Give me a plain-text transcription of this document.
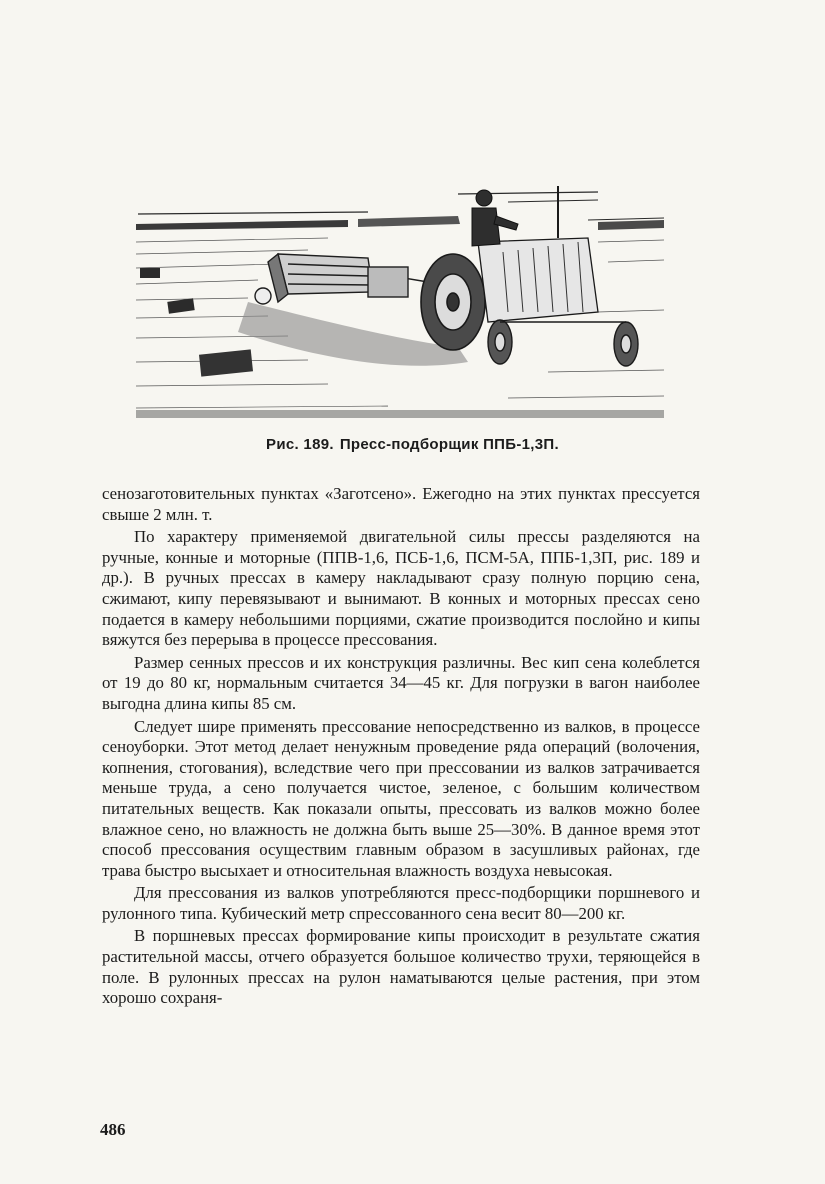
Рис. 189. Пресс-подборщик ППБ-1,3П.

сенозаготовительных пунктах «Заготсено». Ежегодно на этих пунктах прессуется свыше 2 млн. т.

По характеру применяемой двигательной силы прессы разделяются на ручные, конные и моторные (ППВ-1,6, ПСБ-1,6, ПСМ-5А, ППБ-1,3П, рис. 189 и др.). В ручных прессах в камеру накладывают сразу полную порцию сена, сжимают, кипу перевязывают и вынимают. В конных и моторных прессах сено подается в камеру небольшими порциями, сжатие производится послойно и кипы вяжутся без перерыва в процессе прессования.

Размер сенных прессов и их конструкция различны. Вес кип сена колеблется от 19 до 80 кг, нормальным считается 34—45 кг. Для погрузки в вагон наиболее выгодна длина кипы 85 см.

Следует шире применять прессование непосредственно из валков, в процессе сеноуборки. Этот метод делает ненужным проведение ряда операций (волочения, копнения, стогования), вследствие чего при прессовании из валков затрачивается меньше труда, а сено получается чистое, зеленое, с большим количеством питательных веществ. Как показали опыты, прессовать из валков можно более влажное сено, но влажность не должна быть выше 25—30%. В данное время этот способ прессования осуществим главным образом в засушливых районах, где трава быстро высыхает и относительная влажность воздуха невысокая.

Для прессования из валков употребляются пресс-подборщики поршневого и рулонного типа. Кубический метр спрессованного сена весит 80—200 кг.

В поршневых прессах формирование кипы происходит в результате сжатия растительной массы, отчего образуется большое количество трухи, теряющейся в поле. В рулонных прессах на рулон наматываются целые растения, при этом хорошо сохраня-

486
